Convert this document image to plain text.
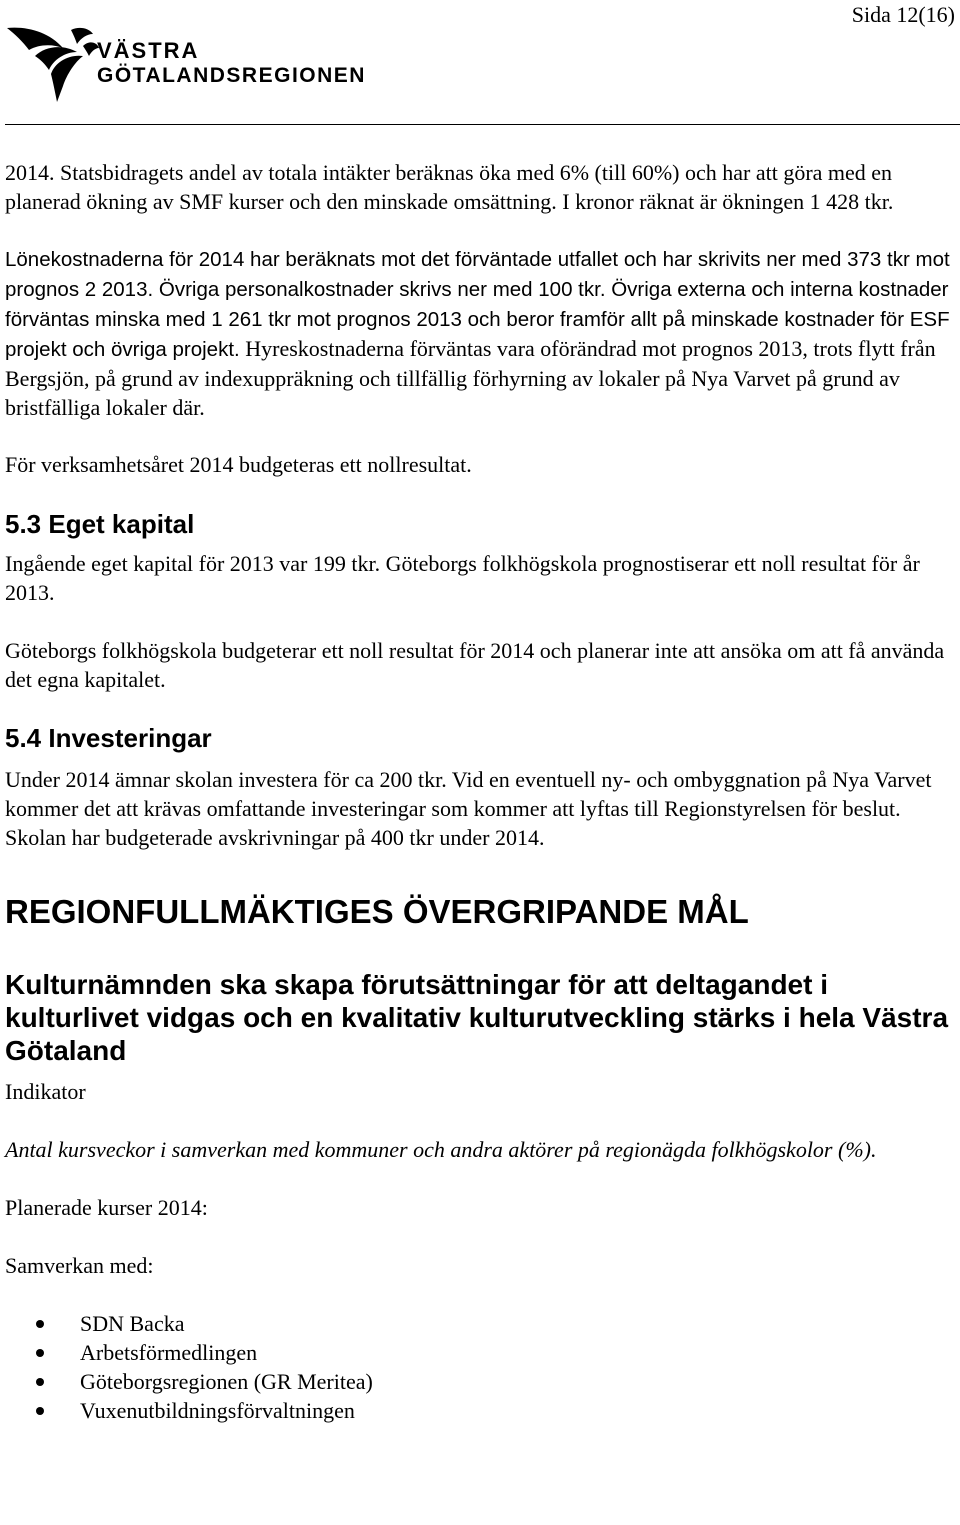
Sida 12(16)
VÄSTRA
GÖTALANDSREGIONEN

2014. Statsbidragets andel av totala intäkter beräknas öka med 6% (till 60%) och har att göra med en planerad ökning av SMF kurser och den minskade omsättning. I kronor räknat är ökningen 1 428 tkr.

Lönekostnaderna för 2014 har beräknats mot det förväntade utfallet och har skrivits ner med 373 tkr mot prognos 2 2013. Övriga personalkostnader skrivs ner med 100 tkr. Övriga externa och interna kostnader förväntas minska med 1 261 tkr mot prognos 2013 och beror framför allt på minskade kostnader för ESF projekt och övriga projekt. Hyreskostnaderna förväntas vara oförändrad mot prognos 2013, trots flytt från Bergsjön, på grund av indexuppräkning och tillfällig förhyrning av lokaler på Nya Varvet på grund av bristfälliga lokaler där.

För verksamhetsåret 2014 budgeteras ett nollresultat.

5.3 Eget kapital

Ingående eget kapital för 2013 var 199 tkr. Göteborgs folkhögskola prognostiserar ett noll resultat för år 2013.

Göteborgs folkhögskola budgeterar ett noll resultat för 2014 och planerar inte att ansöka om att få använda det egna kapitalet.

5.4 Investeringar

Under 2014 ämnar skolan investera för ca 200 tkr. Vid en eventuell ny- och ombyggnation på Nya Varvet kommer det att krävas omfattande investeringar som kommer att lyftas till Regionstyrelsen för beslut. Skolan har budgeterade avskrivningar på 400 tkr under 2014.

REGIONFULLMÄKTIGES ÖVERGRIPANDE MÅL
Kulturnämnden ska skapa förutsättningar för att deltagandet i kulturlivet vidgas och en kvalitativ kulturutveckling stärks i hela Västra Götaland

Indikator

Antal kursveckor i samverkan med kommuner och andra aktörer på regionägda folkhögskolor (%).

Planerade kurser 2014:

Samverkan med:

SDN Backa
Arbetsförmedlingen
Göteborgsregionen (GR Meritea)
Vuxenutbildningsförvaltningen
